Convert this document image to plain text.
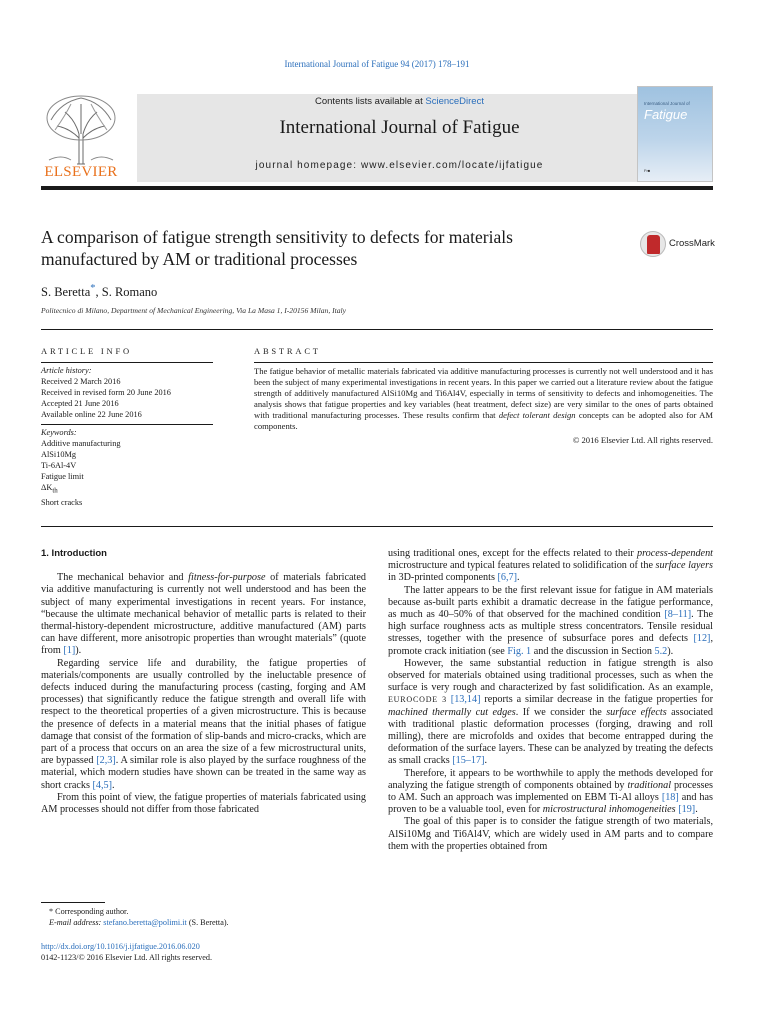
International Journal of Fatigue 94 (2017) 178–191
ELSEVIER
Contents lists available at ScienceDirect
International Journal of Fatigue
journal homepage: www.elsevier.com/locate/ijfatigue
International Journal of
Fatigue
Fr■
A comparison of fatigue strength sensitivity to defects for materials manufactured by AM or traditional processes
CrossMark
S. Beretta*, S. Romano
Politecnico di Milano, Department of Mechanical Engineering, Via La Masa 1, I-20156 Milan, Italy
ARTICLE INFO	ABSTRACT
Article history:
Received 2 March 2016
Received in revised form 20 June 2016
Accepted 21 June 2016
Available online 22 June 2016
Keywords:
Additive manufacturing
AlSi10Mg
Ti-6Al-4V
Fatigue limit
$\Delta K_{th}$
Short cracks
The fatigue behavior of metallic materials fabricated via additive manufacturing processes is currently not well understood and it has been the subject of many experimental investigations in recent years. In this paper we carried out a literature review about the fatigue strength of additively manufactured AlSi10Mg and Ti6Al4V, especially in terms of sensitivity to defects and inhomogeneities. The analysis shows that fatigue properties and key variables (heat treatment, defect size) are very similar to the ones of parts obtained with traditional manufacturing processes. These results confirm that defect tolerant design concepts can be adopted also for AM components.
© 2016 Elsevier Ltd. All rights reserved.
1. Introduction

The mechanical behavior and fitness-for-purpose of materials fabricated via additive manufacturing is currently not well understood and has been the subject of many experimental investigations in recent years. For instance, “because the ultimate mechanical behavior of metallic parts is related to their thermal-history-dependent microstructure, additive manufactured (AM) parts can have different, more anisotropic properties than wrought materials” (quote from [1]).

Regarding service life and durability, the fatigue properties of materials/components are usually controlled by the ineluctable presence of defects induced during the manufacturing process (casting, forging and AM processes) that significantly reduce the fatigue strength and overall life with respect to the theoretical properties of a given microstructure. This is because the presence of defects in a material means that the initial phases of fatigue damage that consist of the formation of slip-bands and micro-cracks, which are part of a process that occurs on an area the size of a few microstructural units, are bypassed [2,3]. A similar role is also played by the surface roughness of the material, which modern studies have shown can be treated in the same way as short cracks [4,5].

From this point of view, the fatigue properties of materials fabricated using AM processes should not differ from those fabricated

using traditional ones, except for the effects related to their process-dependent microstructure and typical features related to solidification of the surface layers in 3D-printed components [6,7].

The latter appears to be the first relevant issue for fatigue in AM materials because as-built parts exhibit a dramatic decrease in the fatigue performance, as much as 40–50% of that observed for the machined condition [8–11]. The high surface roughness acts as multiple stress concentrators. Tensile residual stresses, together with the presence of subsurface pores and defects [12], promote crack initiation (see Fig. 1 and the discussion in Section 5.2).

However, the same substantial reduction in fatigue strength is also observed for materials obtained using traditional processes, such as when the surface is very rough and characterized by fast solidification. As an example, EUROCODE 3 [13,14] reports a similar decrease in the fatigue properties for machined thermally cut edges. If we consider the surface effects associated with traditional plastic deformation processes (forging, drawing and roll milling), there are microfolds and oxides that become entrapped during the deformation of the surface layers. These can be analyzed by treating the defects as small cracks [15–17].

Therefore, it appears to be worthwhile to apply the methods developed for analyzing the fatigue strength of components obtained by traditional processes to AM. Such an approach was implemented on EBM Ti-Al alloys [18] and has proven to be a valuable tool, even for microstructural inhomogeneities [19].

The goal of this paper is to consider the fatigue strength of two materials, AlSi10Mg and Ti6Al4V, which are widely used in AM parts and to compare them with the properties obtained from

* Corresponding author.
E-mail address: stefano.beretta@polimi.it (S. Beretta).
http://dx.doi.org/10.1016/j.ijfatigue.2016.06.020
0142-1123/© 2016 Elsevier Ltd. All rights reserved.
